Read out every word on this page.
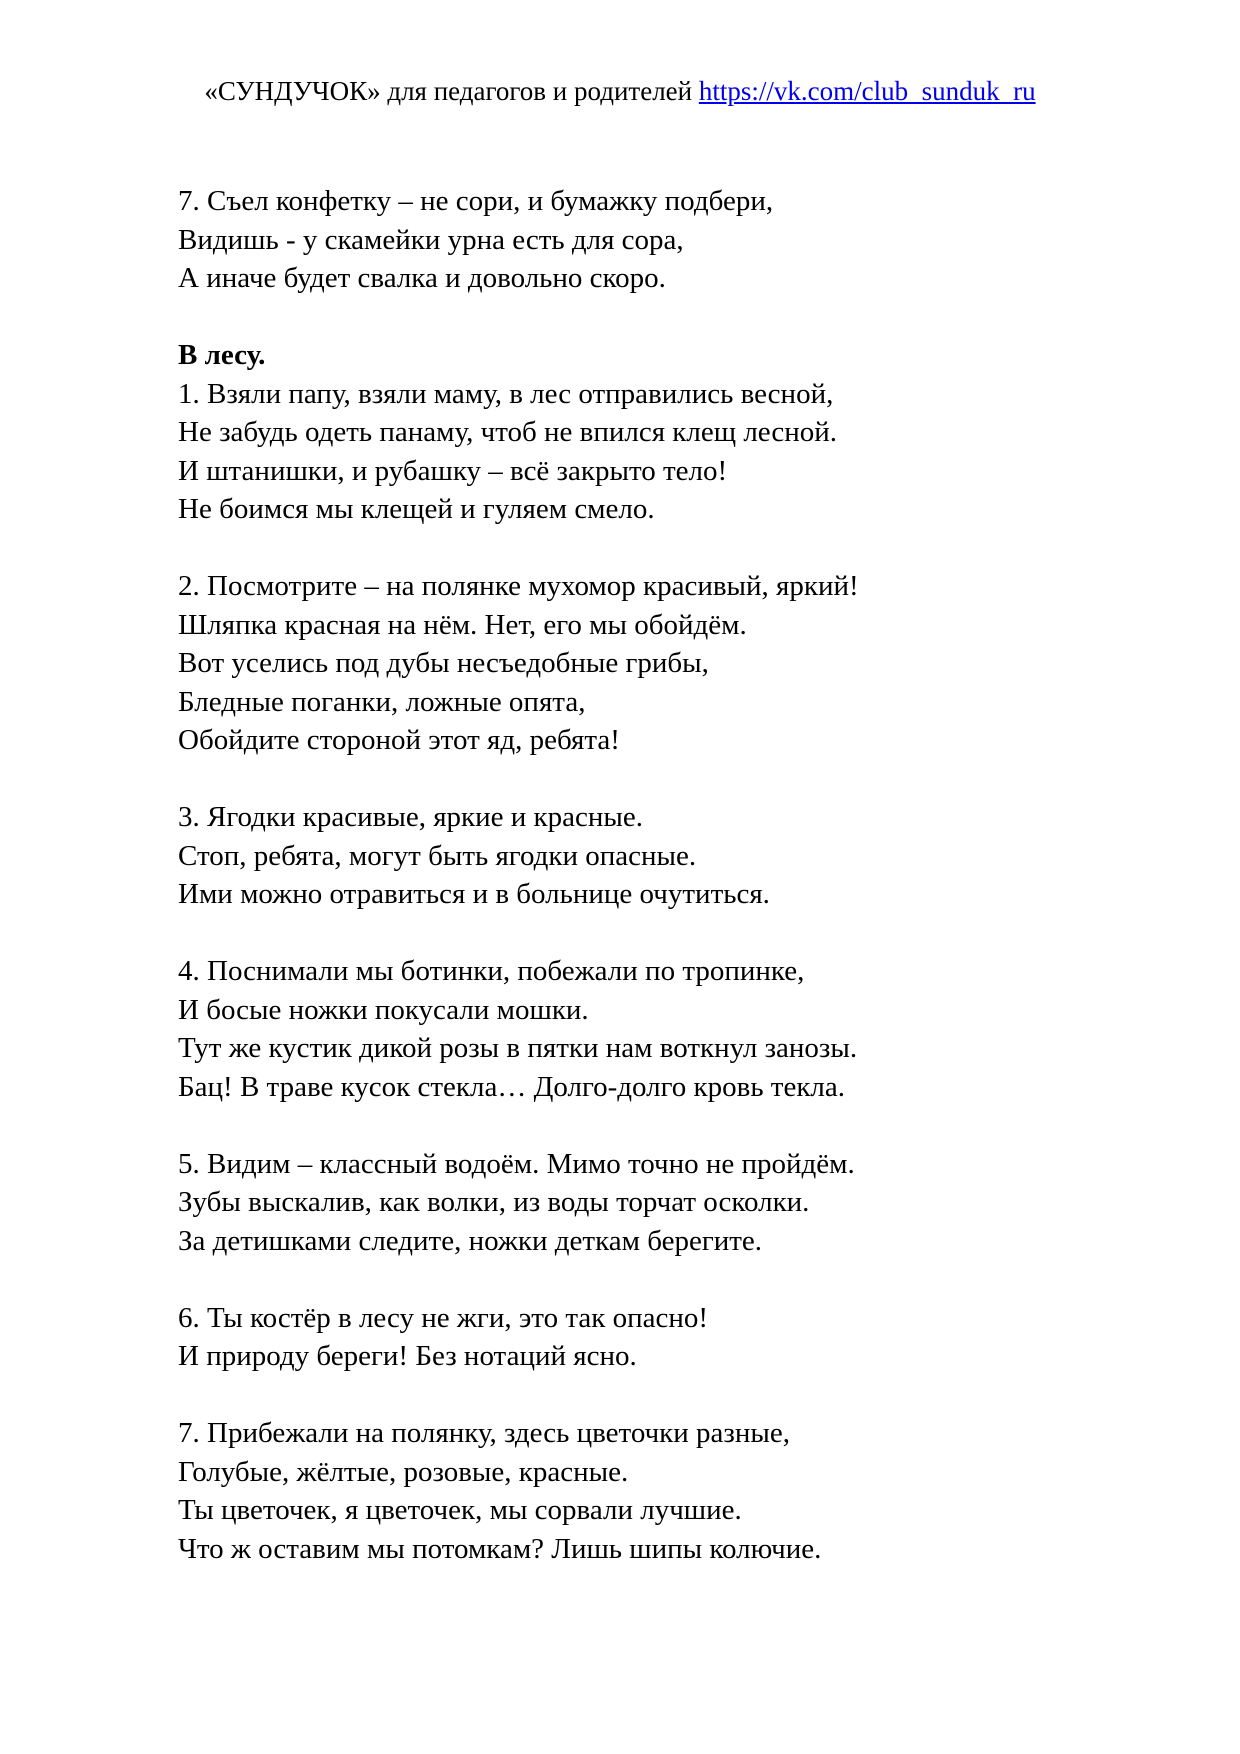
«СУНДУЧОК» для педагогов и родителей https://vk.com/club_sunduk_ru
7. Съел конфетку – не сори, и бумажку подбери,
Видишь - у скамейки урна есть для сора,
А иначе будет свалка и довольно скоро.
В лесу.
1. Взяли папу, взяли маму, в лес отправились весной,
Не забудь одеть панаму, чтоб не впился клещ лесной.
И штанишки, и рубашку – всё закрыто тело!
Не боимся мы клещей и гуляем смело.
2. Посмотрите – на полянке мухомор красивый, яркий!
Шляпка красная на нём. Нет, его мы обойдём.
Вот уселись под дубы несъедобные грибы,
Бледные поганки, ложные опята,
Обойдите стороной этот яд, ребята!
3. Ягодки красивые, яркие и красные.
Стоп, ребята, могут быть ягодки опасные.
Ими можно отравиться и в больнице очутиться.
4. Поснимали мы ботинки, побежали по тропинке,
И босые ножки покусали мошки.
Тут же кустик дикой розы в пятки нам воткнул занозы.
Бац! В траве кусок стекла… Долго-долго кровь текла.
5. Видим – классный водоём. Мимо точно не пройдём.
Зубы выскалив, как волки, из воды торчат осколки.
За детишками следите, ножки деткам берегите.
6. Ты костёр в лесу не жги, это так опасно!
И природу береги! Без нотаций ясно.
7. Прибежали на полянку, здесь цветочки разные,
Голубые, жёлтые, розовые, красные.
Ты цветочек, я цветочек, мы сорвали лучшие.
Что ж оставим мы потомкам? Лишь шипы колючие.
